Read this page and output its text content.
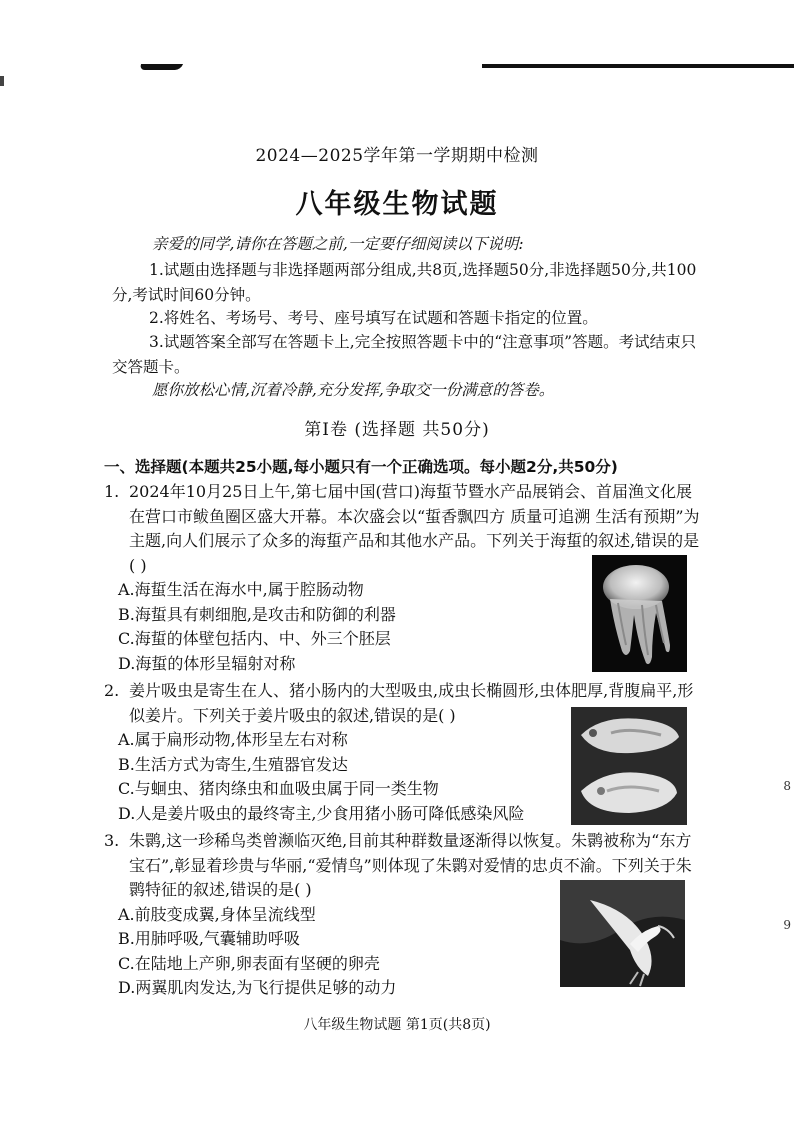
2024—2025学年第一学期期中检测
八年级生物试题
亲爱的同学,请你在答题之前,一定要仔细阅读以下说明:
1.试题由选择题与非选择题两部分组成,共8页,选择题50分,非选择题50分,共100分,考试时间60分钟。
2.将姓名、考场号、考号、座号填写在试题和答题卡指定的位置。
3.试题答案全部写在答题卡上,完全按照答题卡中的“注意事项”答题。考试结束只交答题卡。
愿你放松心情,沉着冷静,充分发挥,争取交一份满意的答卷。
第Ⅰ卷 (选择题 共50分)
一、选择题(本题共25小题,每小题只有一个正确选项。每小题2分,共50分)
1. 2024年10月25日上午,第七届中国(营口)海蜇节暨水产品展销会、首届渔文化展在营口市鲅鱼圈区盛大开幕。本次盛会以“蜇香飘四方 质量可追溯 生活有预期”为主题,向人们展示了众多的海蜇产品和其他水产品。下列关于海蜇的叙述,错误的是( )
A.海蜇生活在海水中,属于腔肠动物
B.海蜇具有刺细胞,是攻击和防御的利器
C.海蜇的体壁包括内、中、外三个胚层
D.海蜇的体形呈辐射对称
2. 姜片吸虫是寄生在人、猪小肠内的大型吸虫,成虫长椭圆形,虫体肥厚,背腹扁平,形似姜片。下列关于姜片吸虫的叙述,错误的是( )
A.属于扁形动物,体形呈左右对称
B.生活方式为寄生,生殖器官发达
C.与蛔虫、猪肉绦虫和血吸虫属于同一类生物
D.人是姜片吸虫的最终寄主,少食用猪小肠可降低感染风险
3. 朱鹮,这一珍稀鸟类曾濒临灭绝,目前其种群数量逐渐得以恢复。朱鹮被称为“东方宝石”,彰显着珍贵与华丽,“爱情鸟”则体现了朱鹮对爱情的忠贞不渝。下列关于朱鹮特征的叙述,错误的是( )
A.前肢变成翼,身体呈流线型
B.用肺呼吸,气囊辅助呼吸
C.在陆地上产卵,卵表面有坚硬的卵壳
D.两翼肌肉发达,为飞行提供足够的动力
八年级生物试题 第1页(共8页)
8
9
